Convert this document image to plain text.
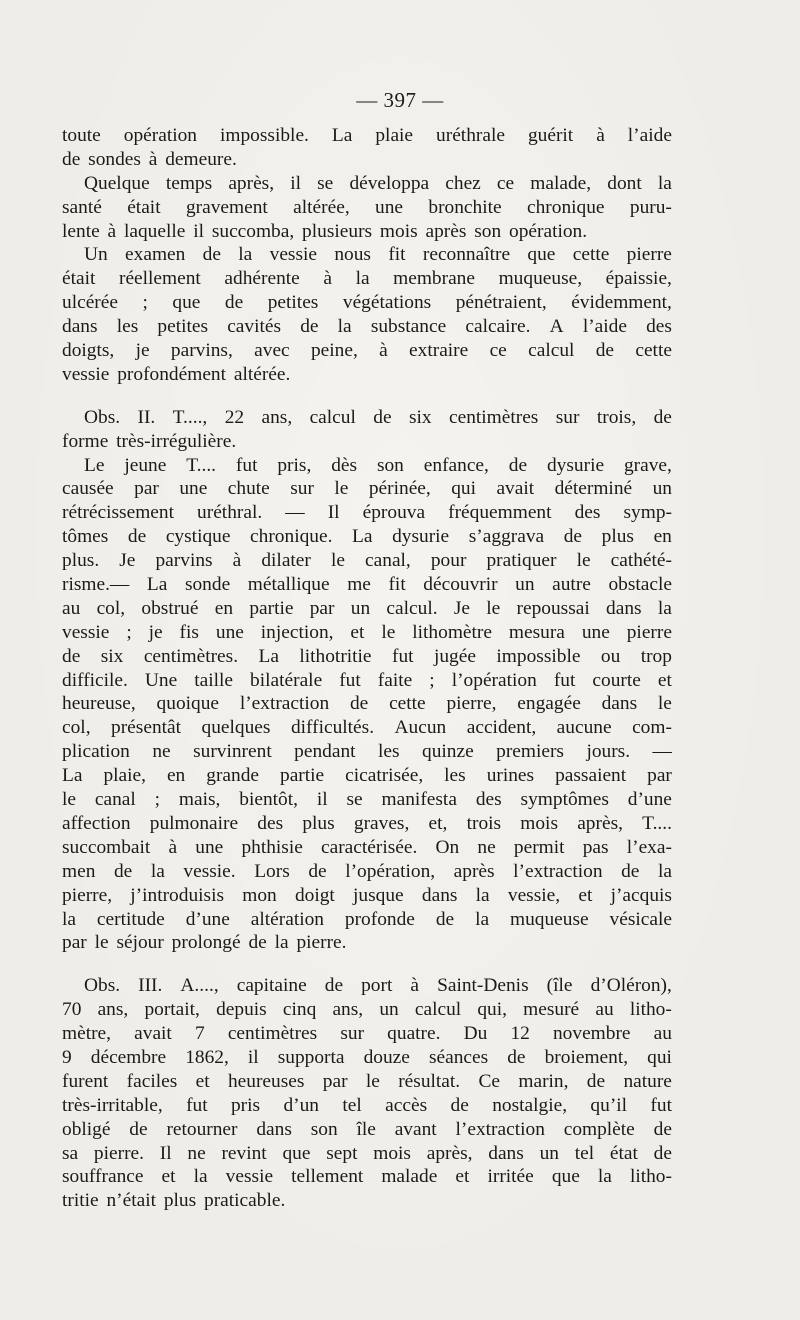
— 397 —
toute opération impossible. La plaie uréthrale guérit à l’aide
de sondes à demeure.
Quelque temps après, il se développa chez ce malade, dont la
santé était gravement altérée, une bronchite chronique puru-
lente à laquelle il succomba, plusieurs mois après son opération.
Un examen de la vessie nous fit reconnaître que cette pierre
était réellement adhérente à la membrane muqueuse, épaissie,
ulcérée ; que de petites végétations pénétraient, évidemment,
dans les petites cavités de la substance calcaire. A l’aide des
doigts, je parvins, avec peine, à extraire ce calcul de cette
vessie profondément altérée.
Obs. II. T...., 22 ans, calcul de six centimètres sur trois, de
forme très-irrégulière.
Le jeune T.... fut pris, dès son enfance, de dysurie grave,
causée par une chute sur le périnée, qui avait déterminé un
rétrécissement uréthral. — Il éprouva fréquemment des symp-
tômes de cystique chronique. La dysurie s’aggrava de plus en
plus. Je parvins à dilater le canal, pour pratiquer le cathété-
risme.— La sonde métallique me fit découvrir un autre obstacle
au col, obstrué en partie par un calcul. Je le repoussai dans la
vessie ; je fis une injection, et le lithomètre mesura une pierre
de six centimètres. La lithotritie fut jugée impossible ou trop
difficile. Une taille bilatérale fut faite ; l’opération fut courte et
heureuse, quoique l’extraction de cette pierre, engagée dans le
col, présentât quelques difficultés. Aucun accident, aucune com-
plication ne survinrent pendant les quinze premiers jours. —
La plaie, en grande partie cicatrisée, les urines passaient par
le canal ; mais, bientôt, il se manifesta des symptômes d’une
affection pulmonaire des plus graves, et, trois mois après, T....
succombait à une phthisie caractérisée. On ne permit pas l’exa-
men de la vessie. Lors de l’opération, après l’extraction de la
pierre, j’introduisis mon doigt jusque dans la vessie, et j’acquis
la certitude d’une altération profonde de la muqueuse vésicale
par le séjour prolongé de la pierre.
Obs. III. A...., capitaine de port à Saint-Denis (île d’Oléron),
70 ans, portait, depuis cinq ans, un calcul qui, mesuré au litho-
mètre, avait 7 centimètres sur quatre. Du 12 novembre au
9 décembre 1862, il supporta douze séances de broiement, qui
furent faciles et heureuses par le résultat. Ce marin, de nature
très-irritable, fut pris d’un tel accès de nostalgie, qu’il fut
obligé de retourner dans son île avant l’extraction complète de
sa pierre. Il ne revint que sept mois après, dans un tel état de
souffrance et la vessie tellement malade et irritée que la litho-
tritie n’était plus praticable.
